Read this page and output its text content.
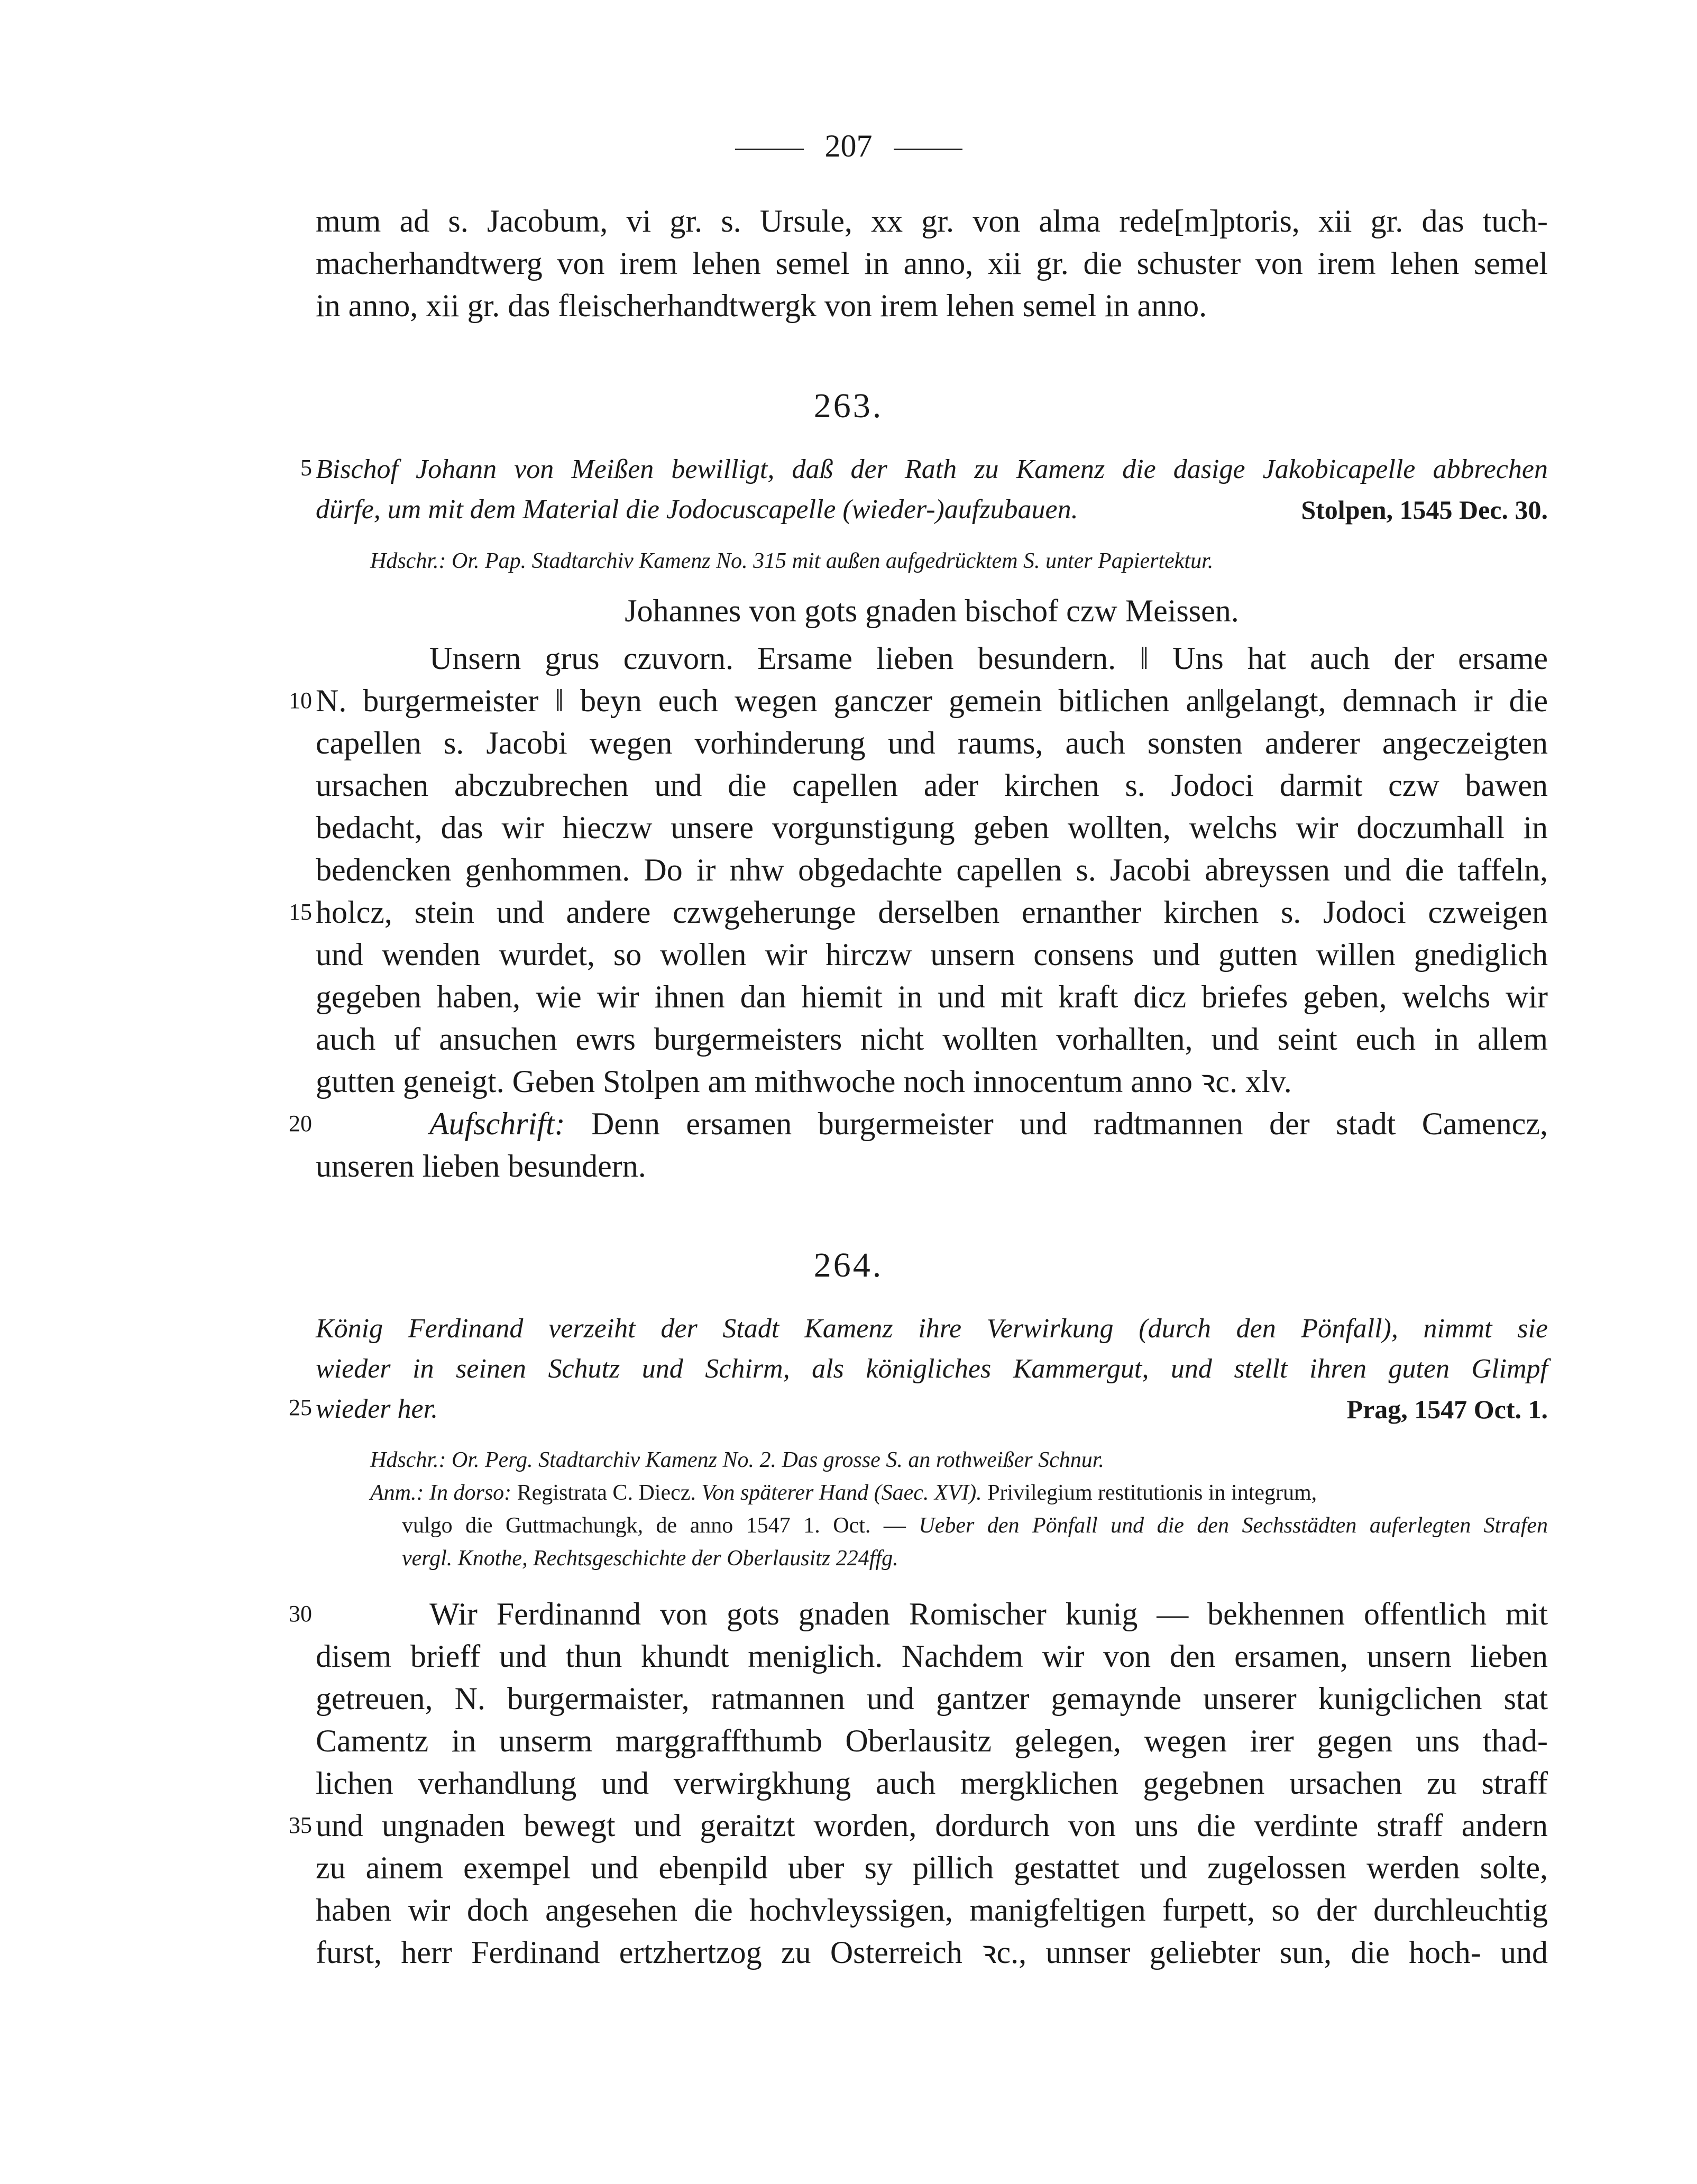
207
mum ad s. Jacobum, vi gr. s. Ursule, xx gr. von alma rede[m]ptoris, xii gr. das tuch-
macherhandtwerg von irem lehen semel in anno, xii gr. die schuster von irem lehen semel
in anno, xii gr. das fleischerhandtwergk von irem lehen semel in anno.
263.
5 Bischof Johann von Meißen bewilligt, daß der Rath zu Kamenz die dasige Jakobicapelle abbrechen
dürfe, um mit dem Material die Jodocuscapelle (wieder-)aufzubauen.	Stolpen, 1545 Dec. 30.
Hdschr.: Or. Pap. Stadtarchiv Kamenz No. 315 mit außen aufgedrücktem S. unter Papiertektur.
Johannes von gots gnaden bischof czw Meissen.
Unsern grus czuvorn. Ersame lieben besundern. ‖ Uns hat auch der ersame
10 N. burgermeister ‖ beyn euch wegen ganczer gemein bitlichen an‖gelangt, demnach ir die
capellen s. Jacobi wegen vorhinderung und raums, auch sonsten anderer angeczeigten
ursachen abczubrechen und die capellen ader kirchen s. Jodoci darmit czw bawen
bedacht, das wir hieczw unsere vorgunstigung geben wollten, welchs wir doczumhall in
bedencken genhommen. Do ir nhw obgedachte capellen s. Jacobi abreyssen und die taffeln,
15 holcz, stein und andere czwgeherunge derselben ernanther kirchen s. Jodoci czweigen
und wenden wurdet, so wollen wir hirczw unsern consens und gutten willen gnediglich
gegeben haben, wie wir ihnen dan hiemit in und mit kraft dicz briefes geben, welchs wir
auch uf ansuchen ewrs burgermeisters nicht wollten vorhallten, und seint euch in allem
gutten geneigt. Geben Stolpen am mithwoche noch innocentum anno ꝛc. xlv.
20	Aufschrift: Denn ersamen burgermeister und radtmannen der stadt Camencz,
unseren lieben besundern.
264.
König Ferdinand verzeiht der Stadt Kamenz ihre Verwirkung (durch den Pönfall), nimmt sie
wieder in seinen Schutz und Schirm, als königliches Kammergut, und stellt ihren guten Glimpf
25 wieder her.	Prag, 1547 Oct. 1.
Hdschr.: Or. Perg. Stadtarchiv Kamenz No. 2. Das grosse S. an rothweißer Schnur.
Anm.: In dorso: Registrata C. Diecz. Von späterer Hand (Saec. XVI). Privilegium restitutionis in integrum,
vulgo die Guttmachungk, de anno 1547 1. Oct. — Ueber den Pönfall und die den Sechsstädten auferlegten Strafen
vergl. Knothe, Rechtsgeschichte der Oberlausitz 224ffg.
30	Wir Ferdinannd von gots gnaden Romischer kunig — bekhennen offentlich mit
disem brieff und thun khundt meniglich. Nachdem wir von den ersamen, unsern lieben
getreuen, N. burgermaister, ratmannen und gantzer gemaynde unserer kunigclichen stat
Camentz in unserm marggraffthumb Oberlausitz gelegen, wegen irer gegen uns thad-
lichen verhandlung und verwirgkhung auch mergklichen gegebnen ursachen zu straff
35 und ungnaden bewegt und geraitzt worden, dordurch von uns die verdinte straff andern
zu ainem exempel und ebenpild uber sy pillich gestattet und zugelossen werden solte,
haben wir doch angesehen die hochvleyssigen, manigfeltigen furpett, so der durchleuchtig
furst, herr Ferdinand ertzhertzog zu Osterreich ꝛc., unnser geliebter sun, die hoch- und
